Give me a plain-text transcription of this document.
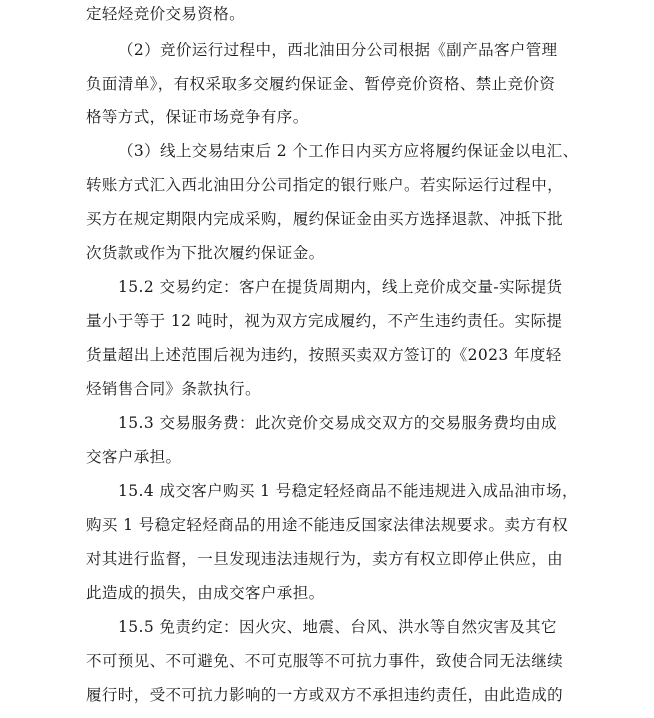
定轻烃竞价交易资格。
（2）竞价运行过程中，西北油田分公司根据《副产品客户管理
负面清单》，有权采取多交履约保证金、暂停竞价资格、禁止竞价资
格等方式，保证市场竞争有序。
（3）线上交易结束后 2 个工作日内买方应将履约保证金以电汇、
转账方式汇入西北油田分公司指定的银行账户。若实际运行过程中，
买方在规定期限内完成采购，履约保证金由买方选择退款、冲抵下批
次货款或作为下批次履约保证金。
15.2 交易约定：客户在提货周期内，线上竞价成交量-实际提货
量小于等于 12 吨时，视为双方完成履约，不产生违约责任。实际提
货量超出上述范围后视为违约，按照买卖双方签订的《2023 年度轻
烃销售合同》条款执行。
15.3 交易服务费：此次竞价交易成交双方的交易服务费均由成
交客户承担。
15.4 成交客户购买 1 号稳定轻烃商品不能违规进入成品油市场，
购买 1 号稳定轻烃商品的用途不能违反国家法律法规要求。卖方有权
对其进行监督，一旦发现违法违规行为，卖方有权立即停止供应，由
此造成的损失，由成交客户承担。
15.5 免责约定：因火灾、地震、台风、洪水等自然灾害及其它
不可预见、不可避免、不可克服等不可抗力事件，致使合同无法继续
履行时，受不可抗力影响的一方或双方不承担违约责任，由此造成的
